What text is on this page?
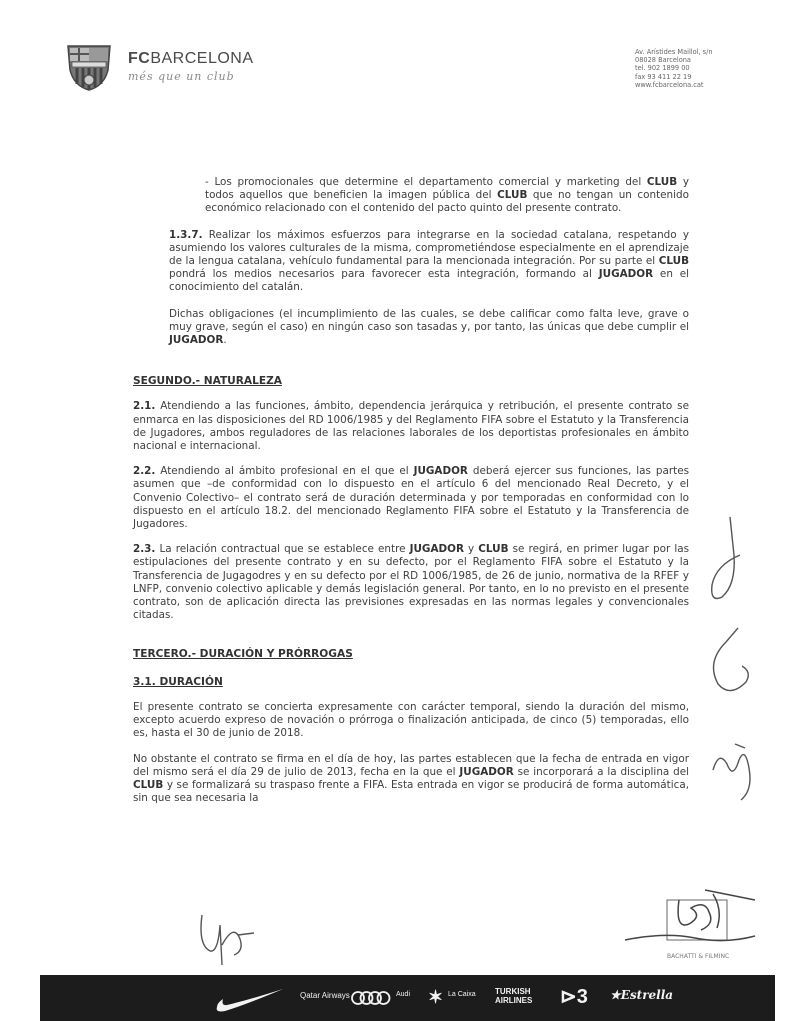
FCBARCELONA
més que un club
Av. Arístides Maillol, s/n
08028 Barcelona
tel. 902 1899 00
fax 93 411 22 19
www.fcbarcelona.cat

- Los promocionales que determine el departamento comercial y marketing del CLUB y todos aquellos que beneficien la imagen pública del CLUB que no tengan un contenido económico relacionado con el contenido del pacto quinto del presente contrato.

1.3.7. Realizar los máximos esfuerzos para integrarse en la sociedad catalana, respetando y asumiendo los valores culturales de la misma, comprometiéndose especialmente en el aprendizaje de la lengua catalana, vehículo fundamental para la mencionada integración. Por su parte el CLUB pondrá los medios necesarios para favorecer esta integración, formando al JUGADOR en el conocimiento del catalán.

Dichas obligaciones (el incumplimiento de las cuales, se debe calificar como falta leve, grave o muy grave, según el caso) en ningún caso son tasadas y, por tanto, las únicas que debe cumplir el JUGADOR.

SEGUNDO.- NATURALEZA

2.1. Atendiendo a las funciones, ámbito, dependencia jerárquica y retribución, el presente contrato se enmarca en las disposiciones del RD 1006/1985 y del Reglamento FIFA sobre el Estatuto y la Transferencia de Jugadores, ambos reguladores de las relaciones laborales de los deportistas profesionales en ámbito nacional e internacional.

2.2. Atendiendo al ámbito profesional en el que el JUGADOR deberá ejercer sus funciones, las partes asumen que –de conformidad con lo dispuesto en el artículo 6 del mencionado Real Decreto, y el Convenio Colectivo– el contrato será de duración determinada y por temporadas en conformidad con lo dispuesto en el artículo 18.2. del mencionado Reglamento FIFA sobre el Estatuto y la Transferencia de Jugadores.

2.3. La relación contractual que se establece entre JUGADOR y CLUB se regirá, en primer lugar por las estipulaciones del presente contrato y en su defecto, por el Reglamento FIFA sobre el Estatuto y la Transferencia de Jugagodres y en su defecto por el RD 1006/1985, de 26 de junio, normativa de la RFEF y LNFP, convenio colectivo aplicable y demás legislación general. Por tanto, en lo no previsto en el presente contrato, son de aplicación directa las previsiones expresadas en las normas legales y convencionales citadas.

TERCERO.- DURACIÓN Y PRÓRROGAS
3.1. DURACIÓN

El presente contrato se concierta expresamente con carácter temporal, siendo la duración del mismo, excepto acuerdo expreso de novación o prórroga o finalización anticipada, de cinco (5) temporadas, ello es, hasta el 30 de junio de 2018.

No obstante el contrato se firma en el día de hoy, las partes establecen que la fecha de entrada en vigor del mismo será el día 29 de julio de 2013, fecha en la que el JUGADOR se incorporará a la disciplina del CLUB y se formalizará su traspaso frente a FIFA. Esta entrada en vigor se producirá de forma automática, sin que sea necesaria la

BACHATTI & FILMINC
Qatar Airways	Audi ✶ La Caixa TURKISH AIRLINES	⊳3 ★Estrella
